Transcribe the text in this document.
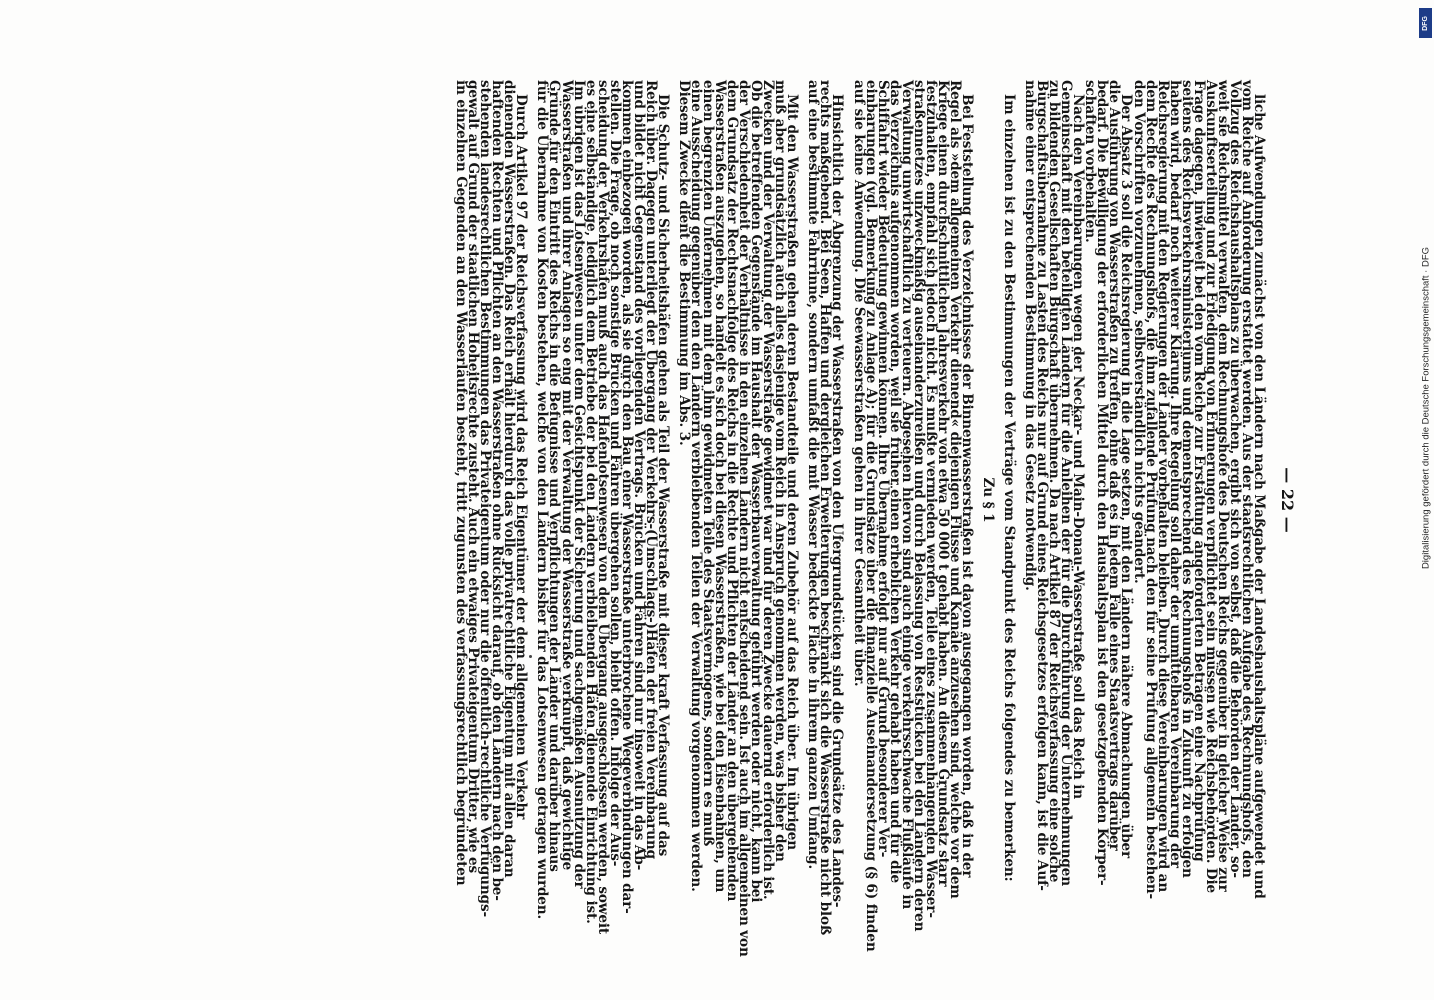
— 22 —
liche Aufwendungen zunächst von den Ländern nach Maßgabe der Landeshaushaltspläne aufgewendet und
vom Reiche auf Anforderung erstattet werden. Aus der staatsrechtlichen Aufgabe des Rechnungshofs, den
Vollzug des Reichshaushaltsplans zu überwachen, ergibt sich von selbst, daß die Behörden der Länder, so-
weit sie Reichsmittel verwalten, dem Rechnungshofe des Deutschen Reichs gegenüber in gleicher Weise zur
Auskunftserteilung und zur Erledigung von Erinnerungen verpflichtet sein müssen wie Reichsbehörden. Die
Frage dagegen, inwieweit bei den vom Reiche zur Erstattung angeforderten Beträgen eine Nachprüfung
seitens des Reichsverkehrsministeriums und dementsprechend des Rechnungshofs in Zukunft zu erfolgen
haben wird, bedarf noch weiterer Klärung. Ihre Regelung soll daher der unmittelbaren Vereinbarung der
Reichsregierung mit den Regierungen der Länder vorbehalten bleiben. Durch diese Vereinbarungen wird an
dem Rechte des Rechnungshofs, die ihm zufallende Prüfung nach den für seine Prüfung allgemein bestehen-
den Vorschriften vorzunehmen, selbstverständlich nichts geändert.
Der Absatz 3 soll die Reichsregierung in die Lage setzen, mit den Ländern nähere Abmachungen über
die Ausführung von Wasserstraßen zu treffen, ohne daß es in jedem Falle eines Staatsvertrags darüber
bedarf. Die Bewilligung der erforderlichen Mittel durch den Haushaltsplan ist den gesetzgebenden Körper-
schaften vorbehalten.
Nach den Vereinbarungen wegen der Neckar- und Main-Donau-Wasserstraße soll das Reich in
Gemeinschaft mit den beteiligten Ländern für die Anleihen der für die Durchführung der Unternehmungen
zu bildenden Gesellschaften Bürgschaft übernehmen. Da nach Artikel 87 der Reichsverfassung eine solche
Bürgschaftsübernahme zu Lasten des Reichs nur auf Grund eines Reichsgesetzes erfolgen kann, ist die Auf-
nahme einer entsprechenden Bestimmung in das Gesetz notwendig.
Im einzelnen ist zu den Bestimmungen der Verträge vom Standpunkt des Reichs folgendes zu bemerken:
Zu § 1
Bei Feststellung des Verzeichnisses der Binnenwasserstraßen ist davon ausgegangen worden, daß in der
Regel als »dem allgemeinen Verkehr dienend« diejenigen Flüsse und Kanäle anzusehen sind, welche vor dem
Kriege einen durchschnittlichen Jahresverkehr von etwa 50 000 t gehabt haben. An diesem Grundsatz starr
festzuhalten, empfahl sich jedoch nicht. Es mußte vermieden werden, Teile eines zusammenhängenden Wasser-
straßennetzes unzweckmäßig auseinanderzureißen und durch Belassung von Reststücken bei den Ländern deren
Verwaltung unwirtschaftlich zu verteuern. Abgesehen hiervon sind auch einige verkehrsschwache Flußläufe in
das Verzeichnis aufgenommen worden, weil sie früher einen erheblichen Verkehr gehabt haben und für die
Schiffahrt wieder Bedeutung gewinnen können. Ihre Übernahme erfolgt nur auf Grund besonderer Ver-
einbarungen (vgl. Bemerkung zu Anlage A); für die Grundsätze über die finanzielle Auseinandersetzung (§ 6) finden
auf sie keine Anwendung. Die Seewasserstraßen gehen in ihrer Gesamtheit über.
Hinsichtlich der Abgrenzung der Wasserstraßen von den Ufergrundstücken sind die Grundsätze des Landes-
rechts maßgebend. Bei Seen, Haffen und dergleichen Erweiterungen beschränkt sich die Wasserstraße nicht bloß
auf eine bestimmte Fahrrinne, sondern umfaßt die mit Wasser bedeckte Fläche in ihrem ganzen Umfang.
Mit den Wasserstraßen gehen deren Bestandteile und deren Zubehör auf das Reich über. Im übrigen
muß aber grundsätzlich auch alles dasjenige vom Reich in Anspruch genommen werden, was bisher den
Zwecken und der Verwaltung der Wasserstraße gewidmet war und für deren Zwecke dauernd erforderlich ist.
Ob die betreffenden Gegenstände im Haushalt der Wasserbauverwaltung geführt werden oder nicht, kann bei
der Verschiedenheit der Verhältnisse in den einzelnen Ländern nicht entscheidend sein. Ist auch im allgemeinen von
dem Grundsatz der Rechtsnachfolge des Reichs in die Rechte und Pflichten der Länder an den übergehenden
Wasserstraßen auszugehen, so handelt es sich doch bei diesen Wasserstraßen, wie bei den Eisenbahnen, um
einen begrenzten Unternehmen mit dem ihm gewidmeten Teile des Staatsvermögens, sondern es muß
eine Ausscheidung gegenüber den den Ländern verbleibenden Teilen der Verwaltung vorgenommen werden.
Diesem Zwecke dient die Bestimmung im Abs. 3.
Die Schutz- und Sicherheitshäfen gehen als Teil der Wasserstraße mit dieser kraft Verfassung auf das
Reich über. Dagegen unterliegt der Übergang der Verkehrs-(Umschlags-)Häfen der freien Vereinbarung
und bildet nicht Gegenstand des vorliegenden Vertrags. Brücken und Fähren sind nur insoweit in das Ab-
kommen einbezogen worden, als sie durch den Bau einer Wasserstraße unterbrochene Wegeverbindungen dar-
stellen. Die Frage, ob noch sonstige Brücken und Fähren übergehen sollen, bleibt offen. Infolge der Aus-
scheidung der Verkehrshäfen muß auch das Hafenlotsenwesen von dem Übergang ausgeschlossen werden, soweit
es eine selbständige, lediglich dem Betriebe der bei den Ländern verbleibenden Häfen dienende Einrichtung ist.
Im übrigen ist das Lotsenwesen unter dem Gesichtspunkt der Sicherung und sachgemäßen Ausnutzung der
Wasserstraßen und ihrer Anlagen so eng mit der Verwaltung der Wasserstraße verknüpft, daß gewichtige
Gründe für den Eintritt des Reichs in die Befugnisse und Verpflichtungen der Länder und darüber hinaus
für die Übernahme von Kosten bestehen, welche von den Ländern bisher für das Lotsenwesen getragen wurden.
Durch Artikel 97 der Reichsverfassung wird das Reich Eigentümer der dem allgemeinen Verkehr
dienenden Wasserstraßen. Das Reich erhält hierdurch das volle privatrechtliche Eigentum mit allen daran
haftenden Rechten und Pflichten an den Wasserstraßen ohne Rücksicht darauf, ob den Ländern nach den be-
stehenden landesrechtlichen Bestimmungen das Privateigentum oder nur die öffentlich-rechtliche Verfügungs-
gewalt auf Grund der staatlichen Hoheitsrechte zusteht. Auch ein etwaiges Privateigentum Dritter, wie es
in einzelnen Gegenden an den Wasserläufen besteht, tritt zugunsten des verfassungsrechtlich begründeten
DFG
Digitalisierung gefördert durch die Deutsche Forschungsgemeinschaft · DFG
